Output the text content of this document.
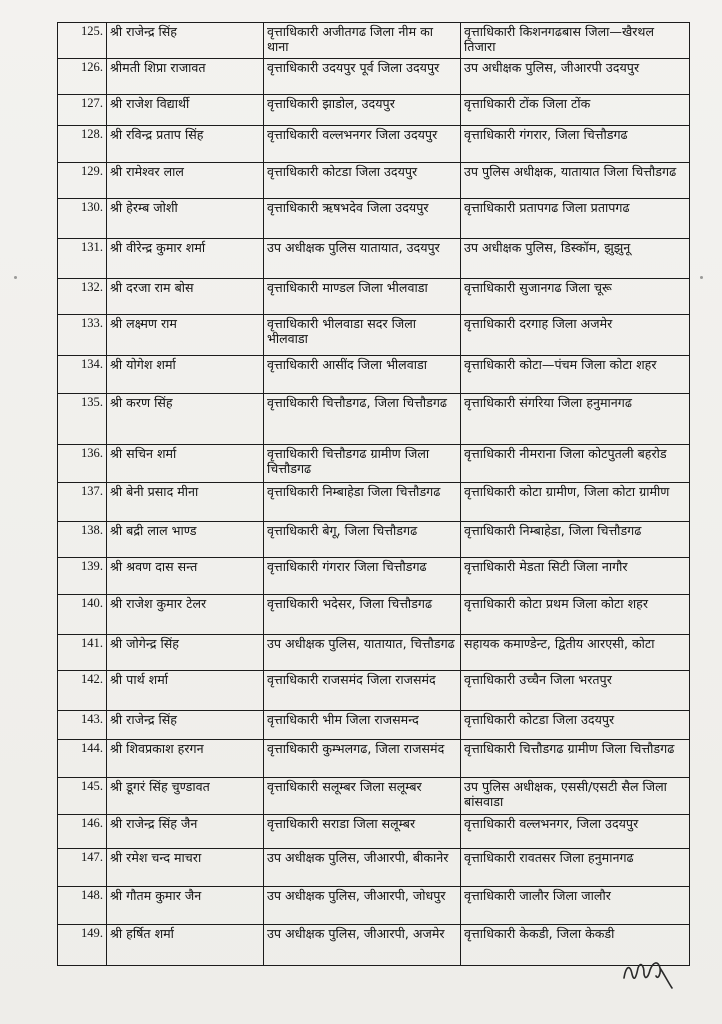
125.	श्री राजेन्द्र सिंह	वृत्ताधिकारी अजीतगढ जिला नीम का थाना	वृत्ताधिकारी किशनगढबास जिला—खैरथल तिजारा
126.	श्रीमती शिप्रा राजावत	वृत्ताधिकारी उदयपुर पूर्व जिला उदयपुर	उप अधीक्षक पुलिस, जीआरपी उदयपुर
127.	श्री राजेश विद्यार्थी	वृत्ताधिकारी झाडोल, उदयपुर	वृत्ताधिकारी टोंक जिला टोंक
128.	श्री रविन्द्र प्रताप सिंह	वृत्ताधिकारी वल्लभनगर जिला उदयपुर	वृत्ताधिकारी गंगरार, जिला चित्तौडगढ
129.	श्री रामेश्वर लाल	वृत्ताधिकारी कोटडा जिला उदयपुर	उप पुलिस अधीक्षक, यातायात जिला चित्तौडगढ
130.	श्री हेरम्ब जोशी	वृत्ताधिकारी ऋषभदेव जिला उदयपुर	वृत्ताधिकारी प्रतापगढ जिला प्रतापगढ
131.	श्री वीरेन्द्र कुमार शर्मा	उप अधीक्षक पुलिस यातायात, उदयपुर	उप अधीक्षक पुलिस, डिस्कॉम, झुझुनू
132.	श्री दरजा राम बोस	वृत्ताधिकारी माण्डल जिला भीलवाडा	वृत्ताधिकारी सुजानगढ जिला चूरू
133.	श्री लक्ष्मण राम	वृत्ताधिकारी भीलवाडा सदर जिला भीलवाडा	वृत्ताधिकारी दरगाह जिला अजमेर
134.	श्री योगेश शर्मा	वृत्ताधिकारी आसींद जिला भीलवाडा	वृत्ताधिकारी कोटा—पंचम जिला कोटा शहर
135.	श्री करण सिंह	वृत्ताधिकारी चित्तौडगढ, जिला चित्तौडगढ	वृत्ताधिकारी संगरिया जिला हनुमानगढ
136.	श्री सचिन शर्मा	वृत्ताधिकारी चित्तौडगढ ग्रामीण जिला चित्तौडगढ	वृत्ताधिकारी नीमराना जिला कोटपुतली बहरोड
137.	श्री बेनी प्रसाद मीना	वृत्ताधिकारी निम्बाहेडा जिला चित्तौडगढ	वृत्ताधिकारी कोटा ग्रामीण, जिला कोटा ग्रामीण
138.	श्री बद्री लाल भाण्ड	वृत्ताधिकारी बेगू, जिला चित्तौडगढ	वृत्ताधिकारी निम्बाहेडा, जिला चित्तौडगढ
139.	श्री श्रवण दास सन्त	वृत्ताधिकारी गंगरार जिला चित्तौडगढ	वृत्ताधिकारी मेडता सिटी जिला नागौर
140.	श्री राजेश कुमार टेलर	वृत्ताधिकारी भदेसर, जिला चित्तौडगढ	वृत्ताधिकारी कोटा प्रथम जिला कोटा शहर
141.	श्री जोगेन्द्र सिंह	उप अधीक्षक पुलिस, यातायात, चित्तौडगढ	सहायक कमाण्डेन्ट, द्वितीय आरएसी, कोटा
142.	श्री पार्थ शर्मा	वृत्ताधिकारी राजसमंद जिला राजसमंद	वृत्ताधिकारी उच्चैन जिला भरतपुर
143.	श्री राजेन्द्र सिंह	वृत्ताधिकारी भीम जिला राजसमन्द	वृत्ताधिकारी कोटडा जिला उदयपुर
144.	श्री शिवप्रकाश हरगन	वृत्ताधिकारी कुम्भलगढ, जिला राजसमंद	वृत्ताधिकारी चित्तौडगढ ग्रामीण जिला चित्तौडगढ
145.	श्री डूगरं सिंह चुण्डावत	वृत्ताधिकारी सलूम्बर जिला सलूम्बर	उप पुलिस अधीक्षक, एससी/एसटी सैल जिला बांसवाडा
146.	श्री राजेन्द्र सिंह जैन	वृत्ताधिकारी सराडा जिला सलूम्बर	वृत्ताधिकारी वल्लभनगर, जिला उदयपुर
147.	श्री रमेश चन्द माचरा	उप अधीक्षक पुलिस, जीआरपी, बीकानेर	वृत्ताधिकारी रावतसर जिला हनुमानगढ
148.	श्री गौतम कुमार जैन	उप अधीक्षक पुलिस, जीआरपी, जोधपुर	वृत्ताधिकारी जालौर जिला जालौर
149.	श्री हर्षित शर्मा	उप अधीक्षक पुलिस, जीआरपी, अजमेर	वृत्ताधिकारी केकडी, जिला केकडी
